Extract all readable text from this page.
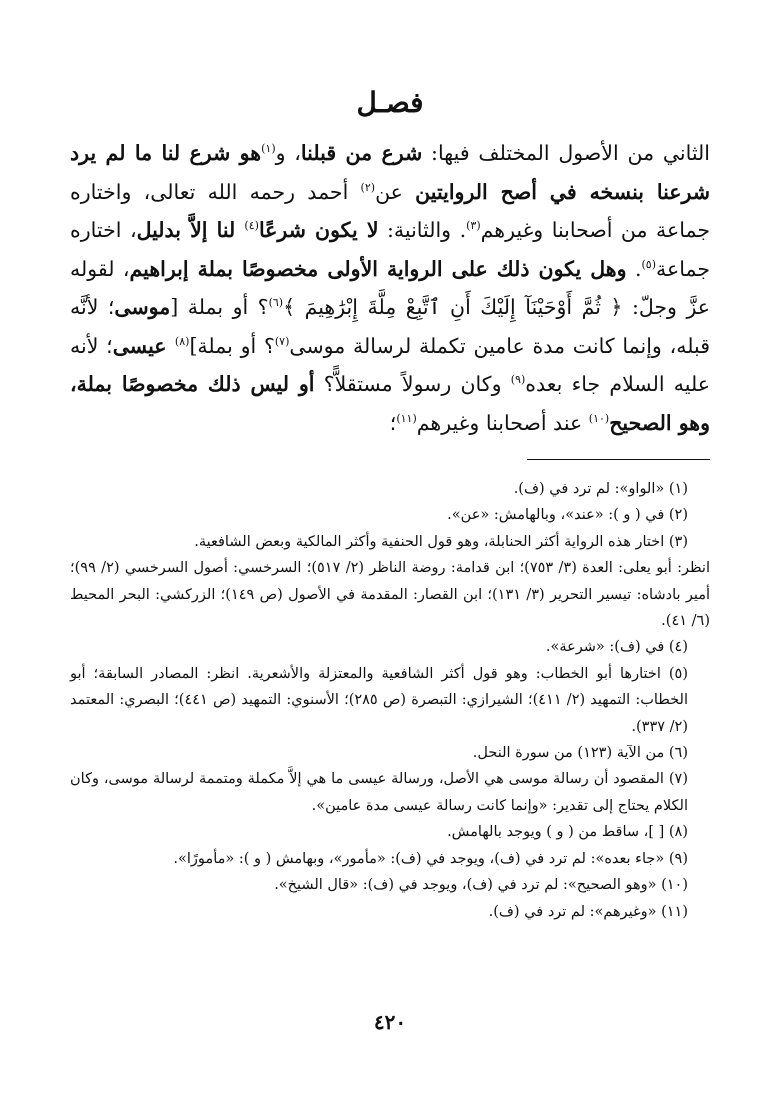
فصـل

الثاني من الأصول المختلف فيها: شرع من قبلنا، و$^{(١)}$هو شرع لنا ما لم يرد شرعنا بنسخه في أصح الروايتين عن$^{(٢)}$ أحمد رحمه الله تعالى، واختاره جماعة من أصحابنا وغيرهم$^{(٣)}$. والثانية: لا يكون شرعًا$^{(٤)}$ لنا إلاَّ بدليل، اختاره جماعة$^{(٥)}$. وهل يكون ذلك على الرواية الأولى مخصوصًا بملة إبراهيم، لقوله عزَّ وجلّ: ﴿ ثُمَّ أَوْحَيْنَآ إِلَيْكَ أَنِ ٱتَّبِعْ مِلَّةَ إِبْرَٰهِيمَ ﴾$^{(٦)}$؟ أو بملة [موسى؛ لأنَّه قبله، وإنما كانت مدة عامين تكملة لرسالة موسى$^{(٧)}$؟ أو بملة]$^{(٨)}$ عيسى؛ لأنه عليه السلام جاء بعده$^{(٩)}$ وكان رسولاً مستقلاًّ؟ أو ليس ذلك مخصوصًا بملة، وهو الصحيح$^{(١٠)}$ عند أصحابنا وغيرهم$^{(١١)}$؛

(١) «الواو»: لم ترد في (ف).

(٢) في ( و ): «عند»، وبالهامش: «عن».

(٣) اختار هذه الرواية أكثر الحنابلة، وهو قول الحنفية وأكثر المالكية وبعض الشافعية.

انظر: أبو يعلى: العدة (٣/ ٧٥٣)؛ ابن قدامة: روضة الناظر (٢/ ٥١٧)؛ السرخسي: أصول السرخسي (٢/ ٩٩)؛ أمير بادشاه: تيسير التحرير (٣/ ١٣١)؛ ابن القصار: المقدمة في الأصول (ص ١٤٩)؛ الزركشي: البحر المحيط (٦/ ٤١).

(٤) في (ف): «شرعة».

(٥) اختارها أبو الخطاب: وهو قول أكثر الشافعية والمعتزلة والأشعرية. انظر: المصادر السابقة؛ أبو الخطاب: التمهيد (٢/ ٤١١)؛ الشيرازي: التبصرة (ص ٢٨٥)؛ الأسنوي: التمهيد (ص ٤٤١)؛ البصري: المعتمد (٢/ ٣٣٧).

(٦) من الآية (١٢٣) من سورة النحل.

(٧) المقصود أن رسالة موسى هي الأصل، ورسالة عيسى ما هي إلاَّ مكملة ومتممة لرسالة موسى، وكان الكلام يحتاج إلى تقدير: «وإنما كانت رسالة عيسى مدة عامين».

(٨) [ ]، ساقط من ( و ) ويوجد بالهامش.

(٩) «جاء بعده»: لم ترد في (ف)، ويوجد في (ف): «مأمور»، وبهامش ( و ): «مأمورًا».

(١٠) «وهو الصحيح»: لم ترد في (ف)، ويوجد في (ف): «قال الشيخ».

(١١) «وغيرهم»: لم ترد في (ف).

٤٢٠
